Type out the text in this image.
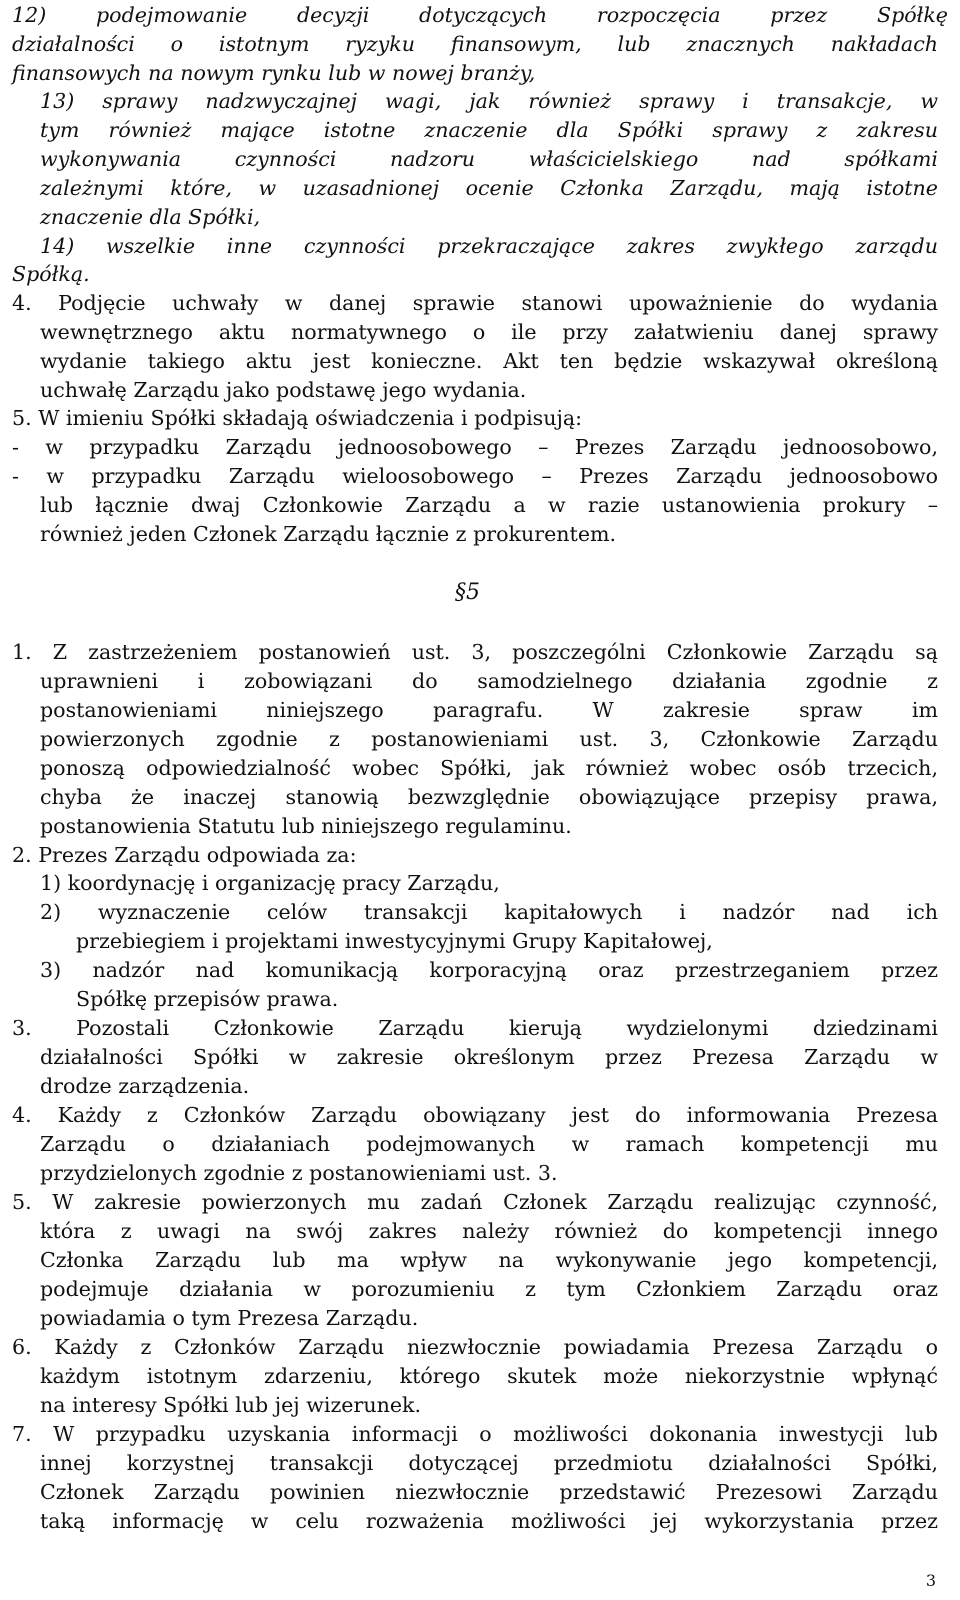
12) podejmowanie decyzji dotyczących rozpoczęcia przez Spółkę
działalności o istotnym ryzyku finansowym, lub znacznych nakładach
finansowych na nowym rynku lub w nowej branży,
13) sprawy nadzwyczajnej wagi, jak również sprawy i transakcje, w
tym również mające istotne znaczenie dla Spółki sprawy z zakresu
wykonywania czynności nadzoru właścicielskiego nad spółkami
zależnymi które, w uzasadnionej ocenie Członka Zarządu, mają istotne
znaczenie dla Spółki,
14) wszelkie inne czynności przekraczające zakres zwykłego zarządu
Spółką.
4. Podjęcie uchwały w danej sprawie stanowi upoważnienie do wydania
wewnętrznego aktu normatywnego o ile przy załatwieniu danej sprawy
wydanie takiego aktu jest konieczne. Akt ten będzie wskazywał określoną
uchwałę Zarządu jako podstawę jego wydania.
5. W imieniu Spółki składają oświadczenia i podpisują:
- w przypadku Zarządu jednoosobowego – Prezes Zarządu jednoosobowo,
- w przypadku Zarządu wieloosobowego – Prezes Zarządu jednoosobowo
lub łącznie dwaj Członkowie Zarządu a w razie ustanowienia prokury –
również jeden Członek Zarządu łącznie z prokurentem.
1. Z zastrzeżeniem postanowień ust. 3, poszczególni Członkowie Zarządu są
uprawnieni i zobowiązani do samodzielnego działania zgodnie z
postanowieniami niniejszego paragrafu. W zakresie spraw im
powierzonych zgodnie z postanowieniami ust. 3, Członkowie Zarządu
ponoszą odpowiedzialność wobec Spółki, jak również wobec osób trzecich,
chyba że inaczej stanowią bezwzględnie obowiązujące przepisy prawa,
postanowienia Statutu lub niniejszego regulaminu.
2. Prezes Zarządu odpowiada za:
1) koordynację i organizację pracy Zarządu,
2) wyznaczenie celów transakcji kapitałowych i nadzór nad ich
przebiegiem i projektami inwestycyjnymi Grupy Kapitałowej,
3) nadzór nad komunikacją korporacyjną oraz przestrzeganiem przez
Spółkę przepisów prawa.
3. Pozostali Członkowie Zarządu kierują wydzielonymi dziedzinami
działalności Spółki w zakresie określonym przez Prezesa Zarządu w
drodze zarządzenia.
4. Każdy z Członków Zarządu obowiązany jest do informowania Prezesa
Zarządu o działaniach podejmowanych w ramach kompetencji mu
przydzielonych zgodnie z postanowieniami ust. 3.
5. W zakresie powierzonych mu zadań Członek Zarządu realizując czynność,
która z uwagi na swój zakres należy również do kompetencji innego
Członka Zarządu lub ma wpływ na wykonywanie jego kompetencji,
podejmuje działania w porozumieniu z tym Członkiem Zarządu oraz
powiadamia o tym Prezesa Zarządu.
6. Każdy z Członków Zarządu niezwłocznie powiadamia Prezesa Zarządu o
każdym istotnym zdarzeniu, którego skutek może niekorzystnie wpłynąć
na interesy Spółki lub jej wizerunek.
7. W przypadku uzyskania informacji o możliwości dokonania inwestycji lub
innej korzystnej transakcji dotyczącej przedmiotu działalności Spółki,
Członek Zarządu powinien niezwłocznie przedstawić Prezesowi Zarządu
taką informację w celu rozważenia możliwości jej wykorzystania przez
§5
3
